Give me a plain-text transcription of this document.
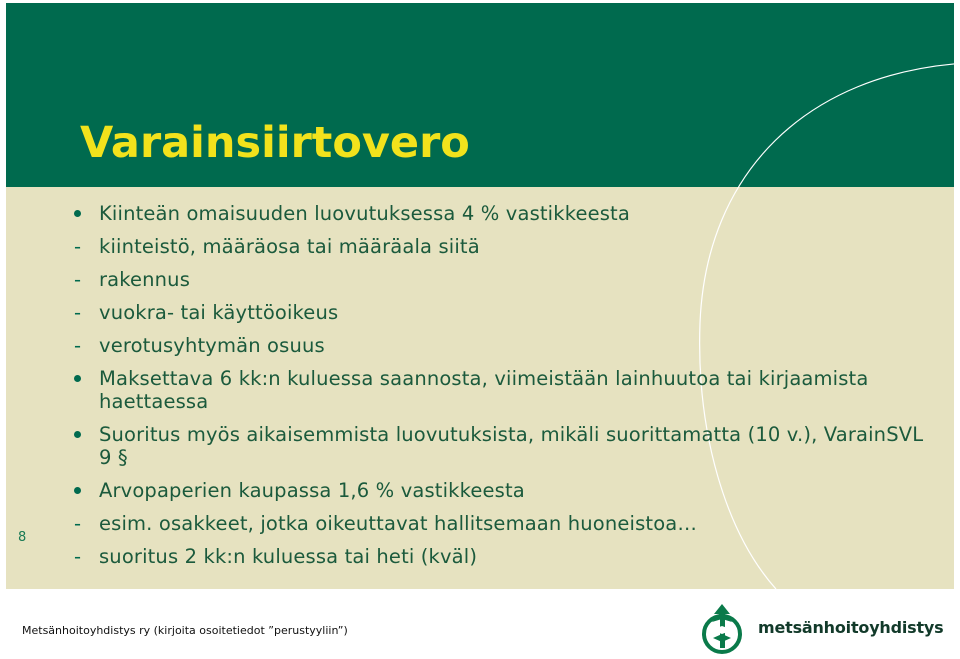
Varainsiirtovero
Kiinteän omaisuuden luovutuksessa 4 % vastikkeesta
kiinteistö, määräosa tai määräala siitä
rakennus
vuokra- tai käyttöoikeus
verotusyhtymän osuus
Maksettava 6 kk:n kuluessa saannosta, viimeistään lainhuutoa tai kirjaamista haettaessa
Suoritus myös aikaisemmista luovutuksista, mikäli suorittamatta (10 v.), VarainSVL 9 §
Arvopaperien kaupassa 1,6 % vastikkeesta
esim. osakkeet, jotka oikeuttavat hallitsemaan huoneistoa…
suoritus 2 kk:n kuluessa tai heti (kväl)
8
Metsänhoitoyhdistys ry (kirjoita osoitetiedot ”perustyyliin”)	metsänhoitoyhdistys
